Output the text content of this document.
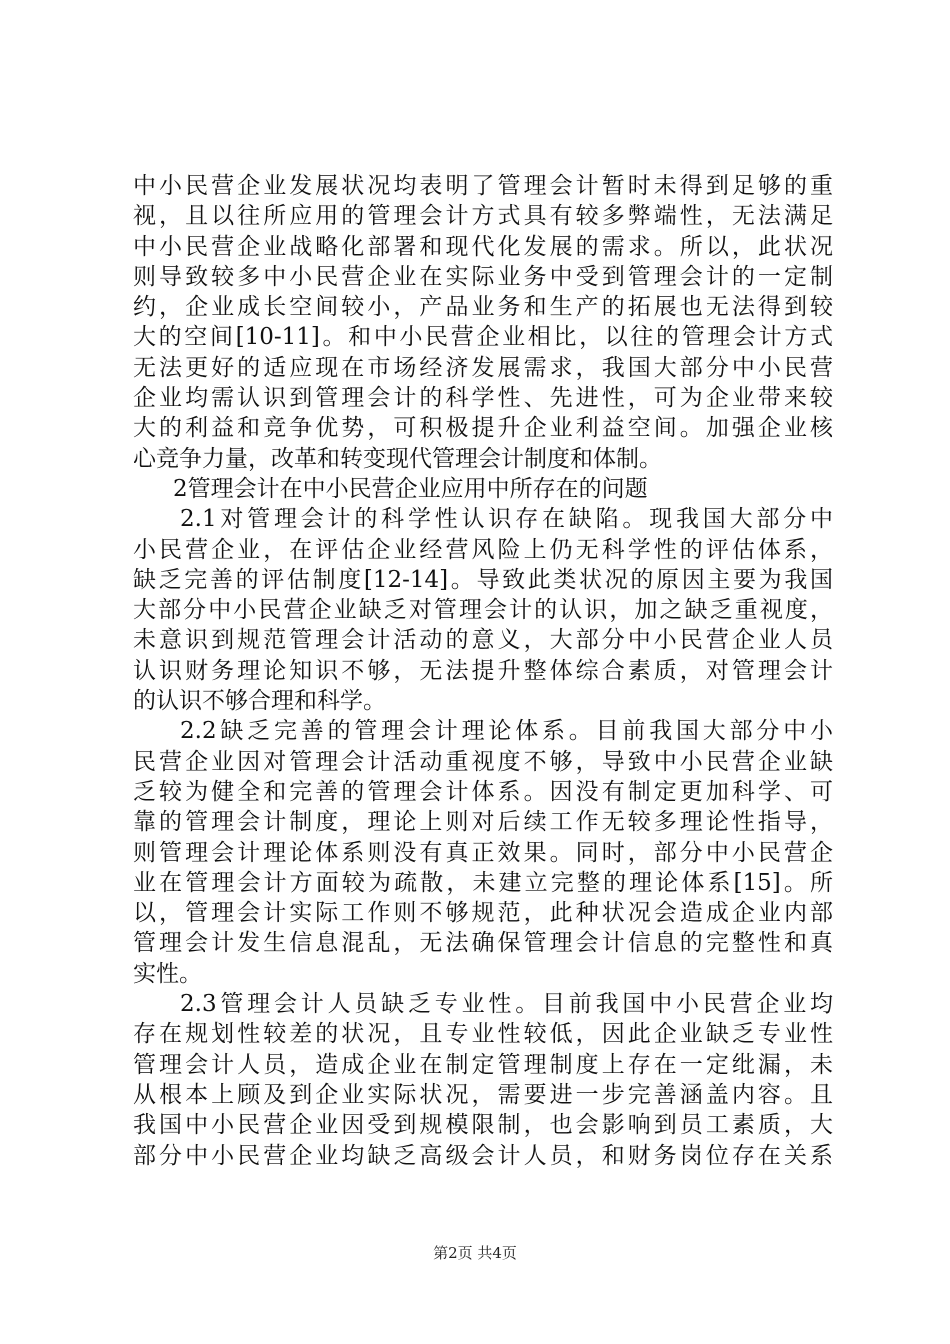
中小民营企业发展状况均表明了管理会计暂时未得到足够的重
视，且以往所应用的管理会计方式具有较多弊端性，无法满足
中小民营企业战略化部署和现代化发展的需求。所以，此状况
则导致较多中小民营企业在实际业务中受到管理会计的一定制
约，企业成长空间较小，产品业务和生产的拓展也无法得到较
大的空间[10-11]。和中小民营企业相比，以往的管理会计方式
无法更好的适应现在市场经济发展需求，我国大部分中小民营
企业均需认识到管理会计的科学性、先进性，可为企业带来较
大的利益和竞争优势，可积极提升企业利益空间。加强企业核
心竞争力量，改革和转变现代管理会计制度和体制。
2管理会计在中小民营企业应用中所存在的问题
2.1对管理会计的科学性认识存在缺陷。现我国大部分中
小民营企业，在评估企业经营风险上仍无科学性的评估体系，
缺乏完善的评估制度[12-14]。导致此类状况的原因主要为我国
大部分中小民营企业缺乏对管理会计的认识，加之缺乏重视度，
未意识到规范管理会计活动的意义，大部分中小民营企业人员
认识财务理论知识不够，无法提升整体综合素质，对管理会计
的认识不够合理和科学。
2.2缺乏完善的管理会计理论体系。目前我国大部分中小
民营企业因对管理会计活动重视度不够，导致中小民营企业缺
乏较为健全和完善的管理会计体系。因没有制定更加科学、可
靠的管理会计制度，理论上则对后续工作无较多理论性指导，
则管理会计理论体系则没有真正效果。同时，部分中小民营企
业在管理会计方面较为疏散，未建立完整的理论体系[15]。所
以，管理会计实际工作则不够规范，此种状况会造成企业内部
管理会计发生信息混乱，无法确保管理会计信息的完整性和真
实性。
2.3管理会计人员缺乏专业性。目前我国中小民营企业均
存在规划性较差的状况，且专业性较低，因此企业缺乏专业性
管理会计人员，造成企业在制定管理制度上存在一定纰漏，未
从根本上顾及到企业实际状况，需要进一步完善涵盖内容。且
我国中小民营企业因受到规模限制，也会影响到员工素质，大
部分中小民营企业均缺乏高级会计人员，和财务岗位存在关系
第2页 共4页
